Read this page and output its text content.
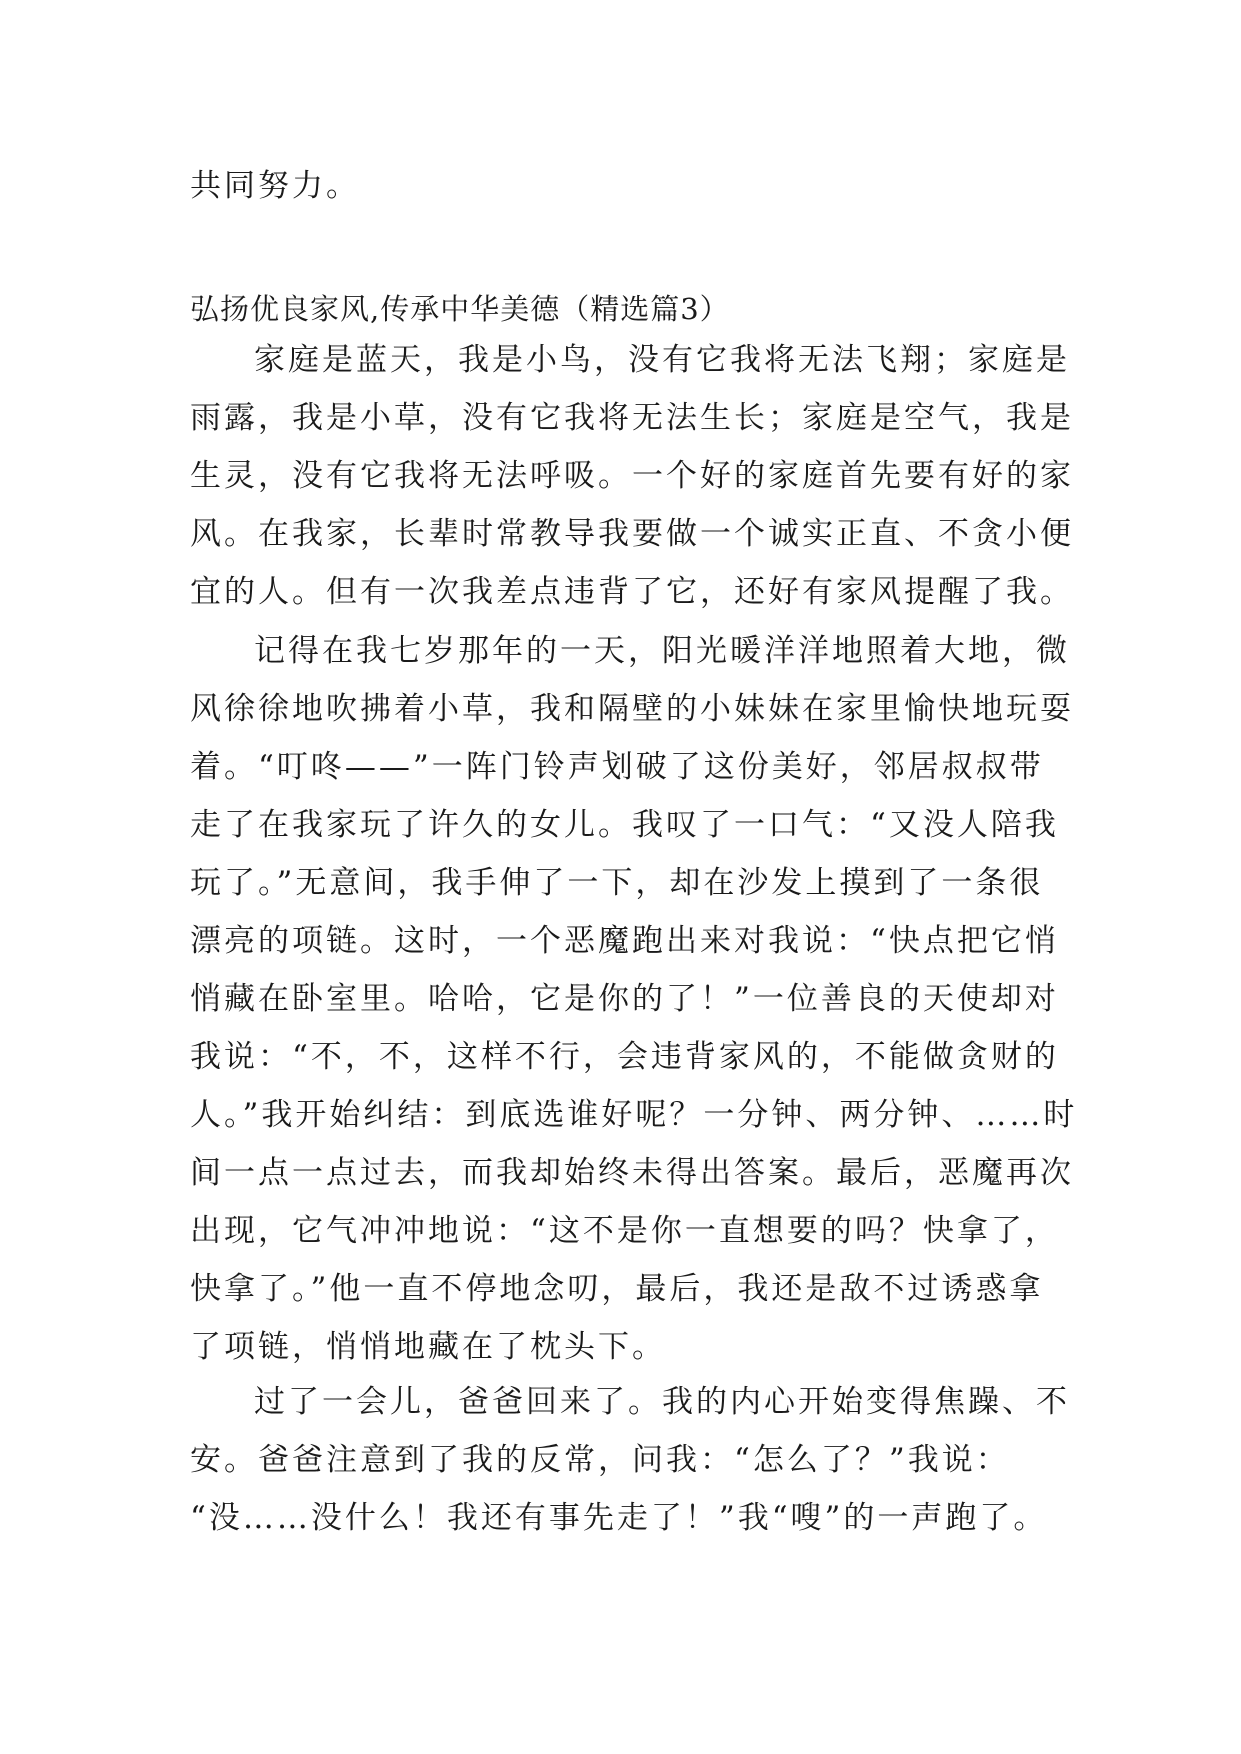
共同努力。
弘扬优良家风,传承中华美德（精选篇3）
家庭是蓝天，我是小鸟，没有它我将无法飞翔；家庭是
雨露，我是小草，没有它我将无法生长；家庭是空气，我是
生灵，没有它我将无法呼吸。一个好的家庭首先要有好的家
风。在我家，长辈时常教导我要做一个诚实正直、不贪小便
宜的人。但有一次我差点违背了它，还好有家风提醒了我。
记得在我七岁那年的一天，阳光暖洋洋地照着大地，微
风徐徐地吹拂着小草，我和隔壁的小妹妹在家里愉快地玩耍
着。“叮咚——”一阵门铃声划破了这份美好，邻居叔叔带
走了在我家玩了许久的女儿。我叹了一口气：“又没人陪我
玩了。”无意间，我手伸了一下，却在沙发上摸到了一条很
漂亮的项链。这时，一个恶魔跑出来对我说：“快点把它悄
悄藏在卧室里。哈哈，它是你的了！”一位善良的天使却对
我说：“不，不，这样不行，会违背家风的，不能做贪财的
人。”我开始纠结：到底选谁好呢？一分钟、两分钟、……时
间一点一点过去，而我却始终未得出答案。最后，恶魔再次
出现，它气冲冲地说：“这不是你一直想要的吗？快拿了，
快拿了。”他一直不停地念叨，最后，我还是敌不过诱惑拿
了项链，悄悄地藏在了枕头下。
过了一会儿，爸爸回来了。我的内心开始变得焦躁、不
安。爸爸注意到了我的反常，问我：“怎么了？”我说：
“没……没什么！我还有事先走了！”我“嗖”的一声跑了。
